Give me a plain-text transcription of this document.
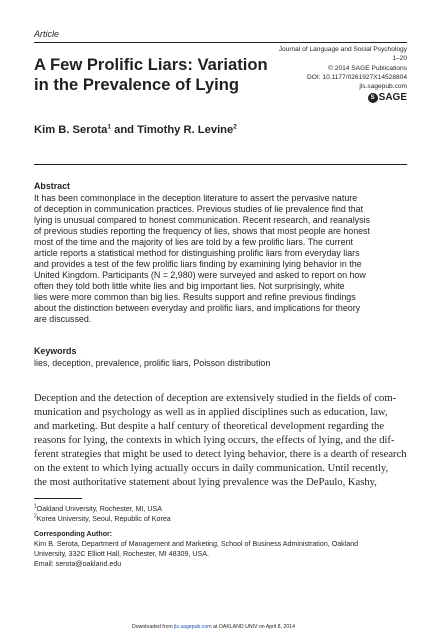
Article
A Few Prolific Liars: Variation
in the Prevalence of Lying
Journal of Language and Social Psychology
1–20
© 2014 SAGE Publications
DOI: 10.1177/0261927X14528804
jls.sagepub.com
S SAGE
Kim B. Serota$^1$ and Timothy R. Levine$^2$
Abstract
It has been commonplace in the deception literature to assert the pervasive nature
of deception in communication practices. Previous studies of lie prevalence find that
lying is unusual compared to honest communication. Recent research, and reanalysis
of previous studies reporting the frequency of lies, shows that most people are honest
most of the time and the majority of lies are told by a few prolific liars. The current
article reports a statistical method for distinguishing prolific liars from everyday liars
and provides a test of the few prolific liars finding by examining lying behavior in the
United Kingdom. Participants (N = 2,980) were surveyed and asked to report on how
often they told both little white lies and big important lies. Not surprisingly, white
lies were more common than big lies. Results support and refine previous findings
about the distinction between everyday and prolific liars, and implications for theory
are discussed.
Keywords
lies, deception, prevalence, prolific liars, Poisson distribution
Deception and the detection of deception are extensively studied in the fields of com-
munication and psychology as well as in applied disciplines such as education, law,
and marketing. But despite a half century of theoretical development regarding the
reasons for lying, the contexts in which lying occurs, the effects of lying, and the dif-
ferent strategies that might be used to detect lying behavior, there is a dearth of research
on the extent to which lying actually occurs in daily communication. Until recently,
the most authoritative statement about lying prevalence was the DePaulo, Kashy,
$^1$Oakland University, Rochester, MI, USA
$^2$Korea University, Seoul, Republic of Korea
Corresponding Author:
Kim B. Serota, Department of Management and Marketing, School of Business Administration, Oakland
University, 332C Elliott Hall, Rochester, MI 48309, USA.
Email: serota@oakland.edu
Downloaded from jls.sagepub.com at OAKLAND UNIV on April 8, 2014
